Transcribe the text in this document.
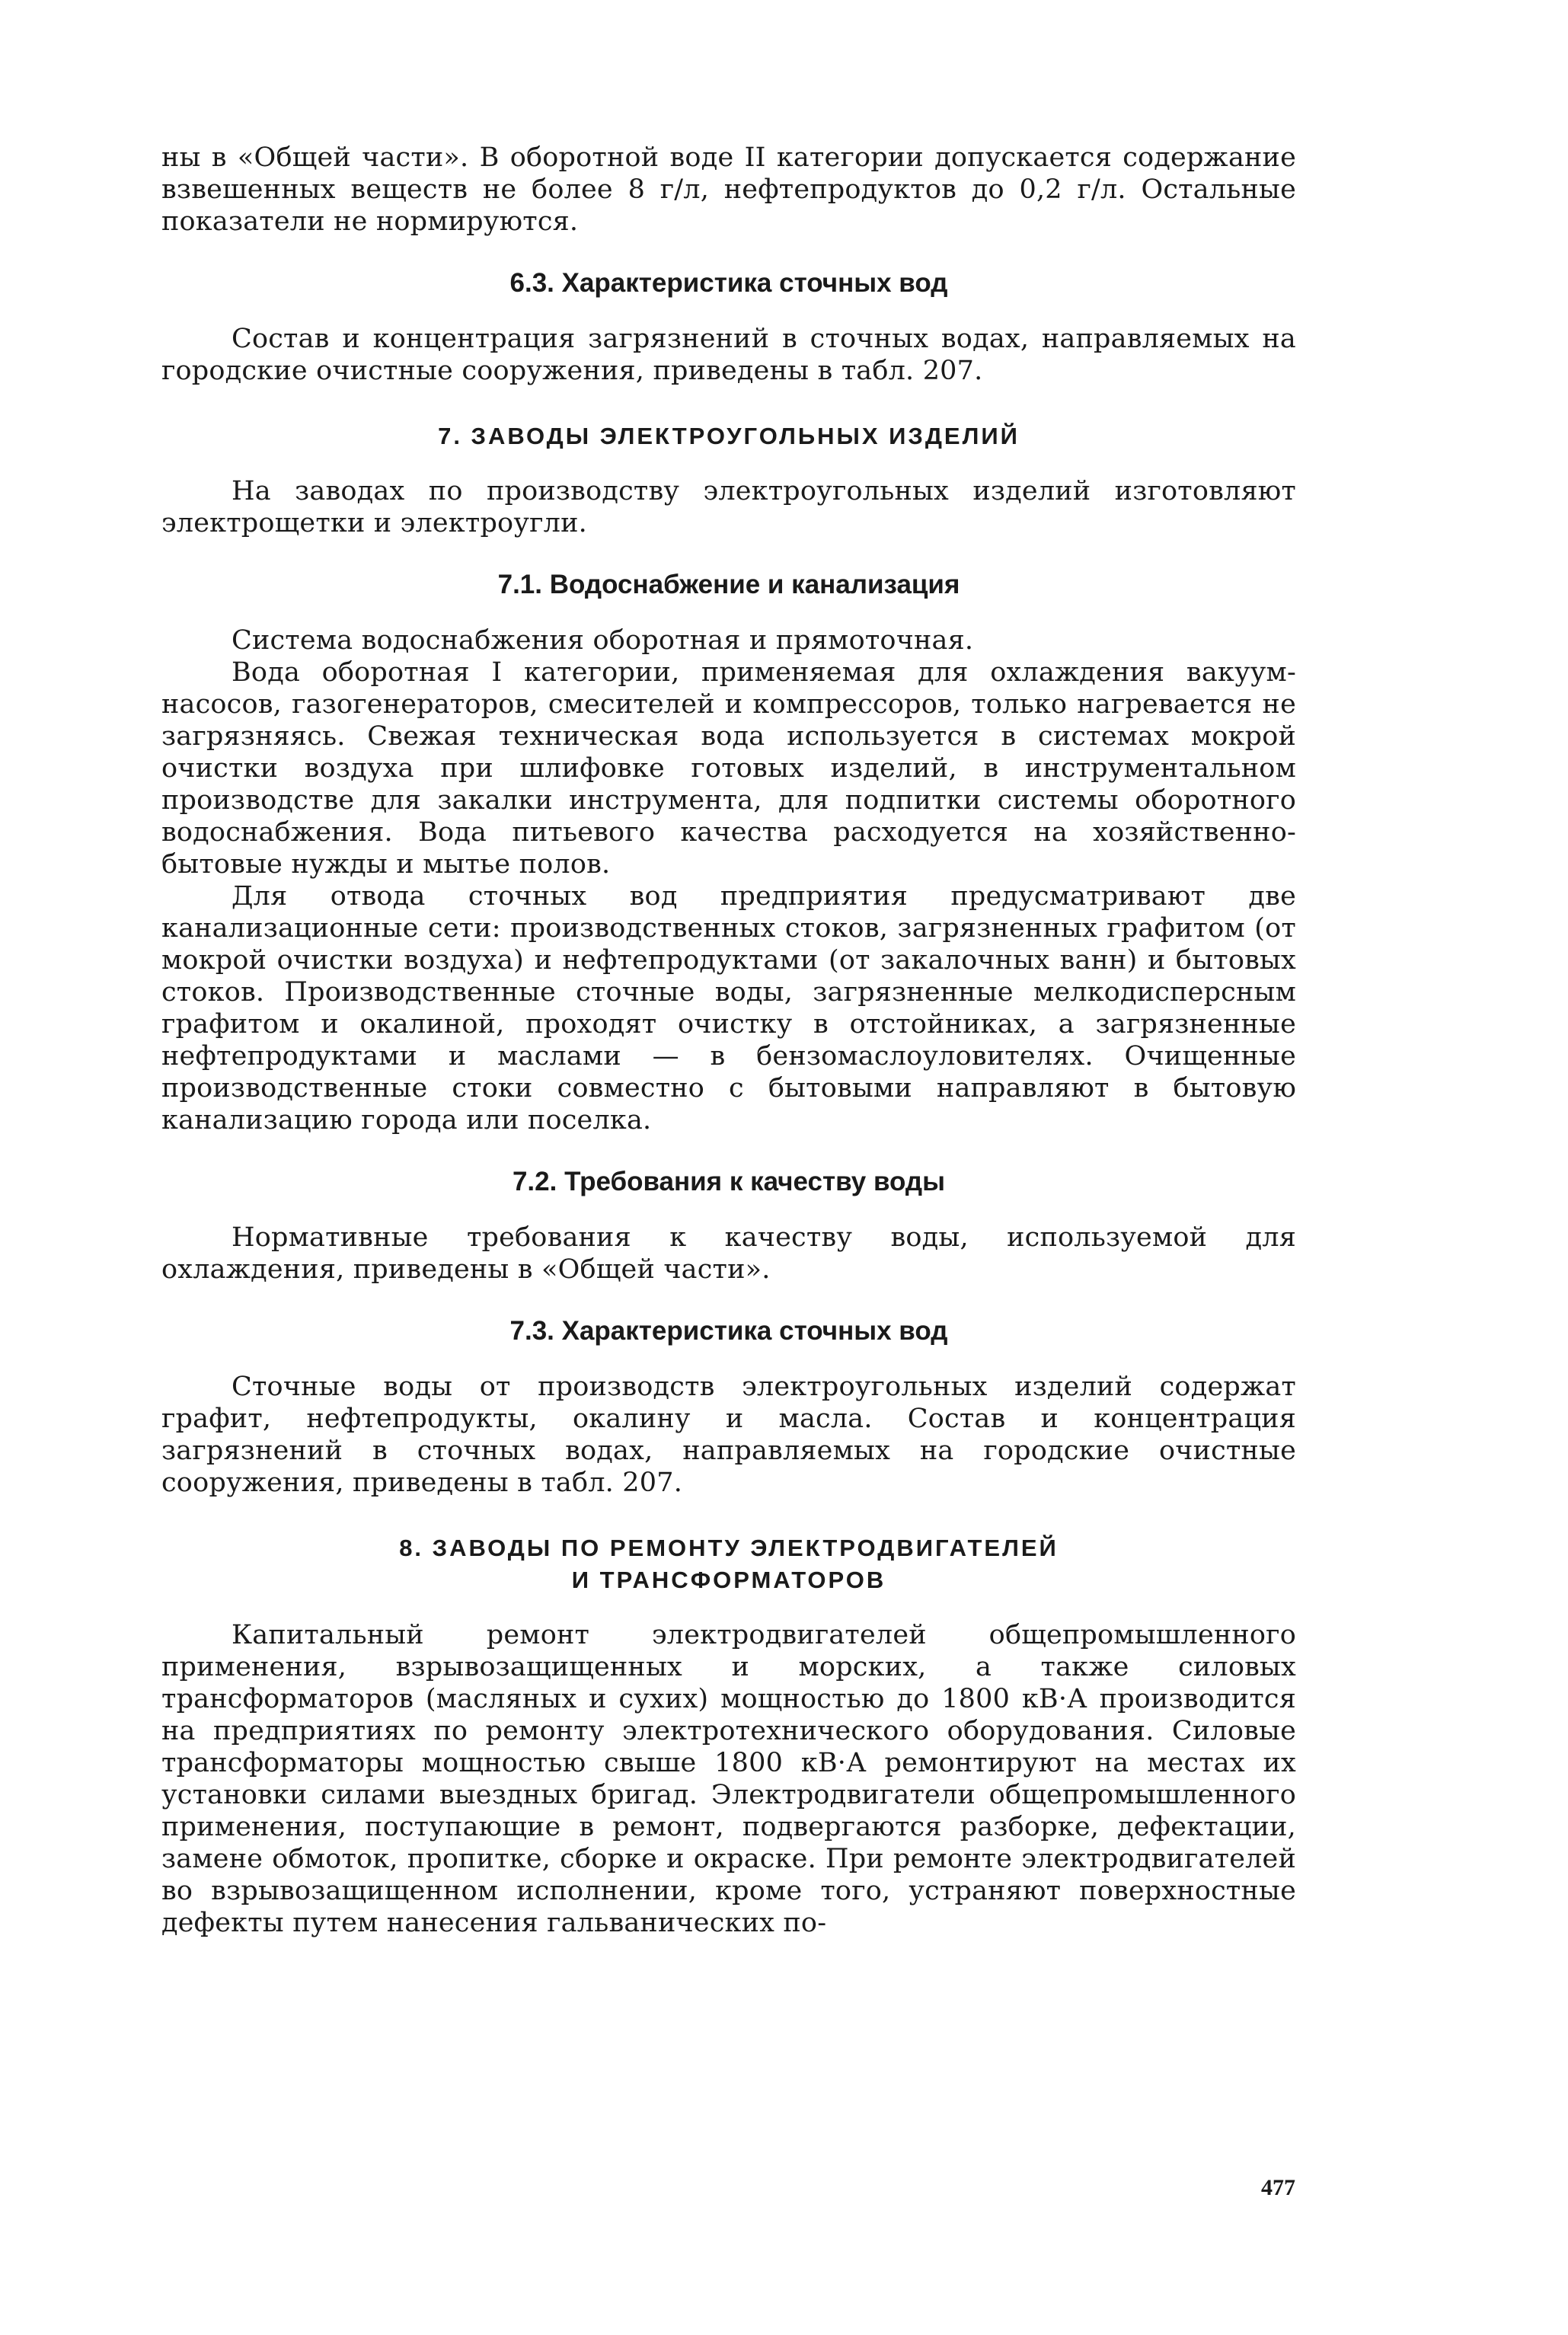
ны в «Общей части». В оборотной воде II категории допускается содержание взвешенных веществ не более 8 г/л, нефтепродуктов до 0,2 г/л. Остальные показатели не нормируются.

6.3. Характеристика сточных вод

Состав и концентрация загрязнений в сточных водах, направляемых на городские очистные сооружения, приведены в табл. 207.

7. ЗАВОДЫ ЭЛЕКТРОУГОЛЬНЫХ ИЗДЕЛИЙ

На заводах по производству электроугольных изделий изготовляют электрощетки и электроугли.

7.1. Водоснабжение и канализация

Система водоснабжения оборотная и прямоточная.

Вода оборотная I категории, применяемая для охлаждения вакуум-насосов, газогенераторов, смесителей и компрессоров, только нагревается не загрязняясь. Свежая техническая вода используется в системах мокрой очистки воздуха при шлифовке готовых изделий, в инструментальном производстве для закалки инструмента, для подпитки системы оборотного водоснабжения. Вода питьевого качества расходуется на хозяйственно-бытовые нужды и мытье полов.

Для отвода сточных вод предприятия предусматривают две канализационные сети: производственных стоков, загрязненных графитом (от мокрой очистки воздуха) и нефтепродуктами (от закалочных ванн) и бытовых стоков. Производственные сточные воды, загрязненные мелкодисперсным графитом и окалиной, проходят очистку в отстойниках, а загрязненные нефтепродуктами и маслами — в бензомаслоуловителях. Очищенные производственные стоки совместно с бытовыми направляют в бытовую канализацию города или поселка.

7.2. Требования к качеству воды

Нормативные требования к качеству воды, используемой для охлаждения, приведены в «Общей части».

7.3. Характеристика сточных вод

Сточные воды от производств электроугольных изделий содержат графит, нефтепродукты, окалину и масла. Состав и концентрация загрязнений в сточных водах, направляемых на городские очистные сооружения, приведены в табл. 207.

8. ЗАВОДЫ ПО РЕМОНТУ ЭЛЕКТРОДВИГАТЕЛЕЙ
И ТРАНСФОРМАТОРОВ

Капитальный ремонт электродвигателей общепромышленного применения, взрывозащищенных и морских, а также силовых трансформаторов (масляных и сухих) мощностью до 1800 кВ·А производится на предприятиях по ремонту электротехнического оборудования. Силовые трансформаторы мощностью свыше 1800 кВ·А ремонтируют на местах их установки силами выездных бригад. Электродвигатели общепромышленного применения, поступающие в ремонт, подвергаются разборке, дефектации, замене обмоток, пропитке, сборке и окраске. При ремонте электродвигателей во взрывозащищенном исполнении, кроме того, устраняют поверхностные дефекты путем нанесения гальванических по-

477
